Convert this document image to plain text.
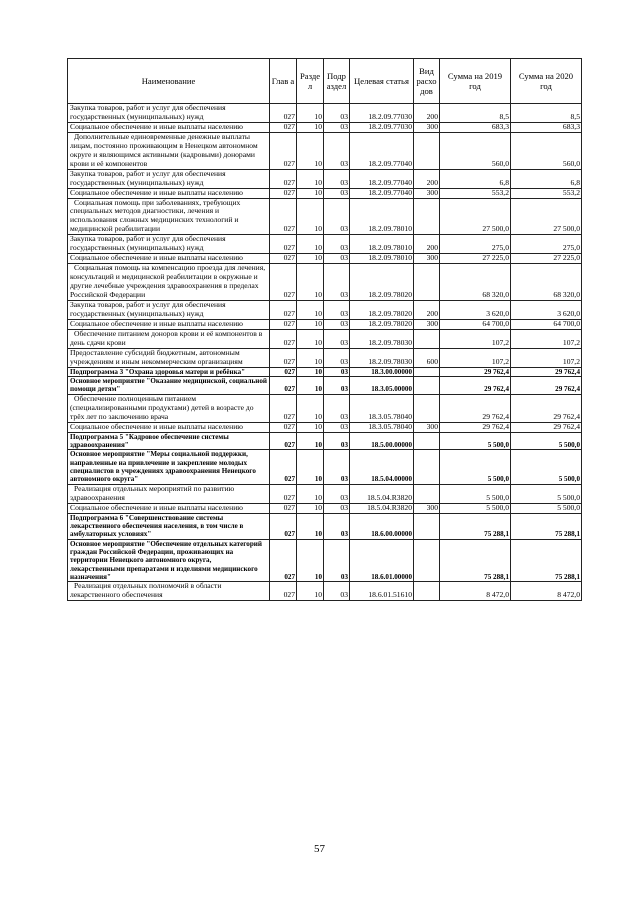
Наименование	Глав а	Разде л	Подр аздел	Целевая статья	Вид расхо дов	Сумма на 2019 год	Сумма на 2020 год
Закупка товаров, работ и услуг для обеспечения государственных (муниципальных) нужд	027	10	03	18.2.09.77030	200	8,5	8,5
Социальное обеспечение и иные выплаты населению	027	10	03	18.2.09.77030	300	683,3	683,3
Дополнительные единовременные денежные выплаты лицам, постоянно проживающим в Ненецком автономном округе и являющимся активными (кадровыми) донорами крови и её компонентов	027	10	03	18.2.09.77040		560,0	560,0
Закупка товаров, работ и услуг для обеспечения государственных (муниципальных) нужд	027	10	03	18.2.09.77040	200	6,8	6,8
Социальное обеспечение и иные выплаты населению	027	10	03	18.2.09.77040	300	553,2	553,2
Социальная помощь при заболеваниях, требующих специальных методов диагностики, лечения и использования сложных медицинских технологий и медицинской реабилитации	027	10	03	18.2.09.78010		27 500,0	27 500,0
Закупка товаров, работ и услуг для обеспечения государственных (муниципальных) нужд	027	10	03	18.2.09.78010	200	275,0	275,0
Социальное обеспечение и иные выплаты населению	027	10	03	18.2.09.78010	300	27 225,0	27 225,0
Социальная помощь на компенсацию проезда для лечения, консультаций и медицинской реабилитации в окружные и другие лечебные учреждения здравоохранения в пределах Российской Федерации	027	10	03	18.2.09.78020		68 320,0	68 320,0
Закупка товаров, работ и услуг для обеспечения государственных (муниципальных) нужд	027	10	03	18.2.09.78020	200	3 620,0	3 620,0
Социальное обеспечение и иные выплаты населению	027	10	03	18.2.09.78020	300	64 700,0	64 700,0
Обеспечение питанием доноров крови и её компонентов в день сдачи крови	027	10	03	18.2.09.78030		107,2	107,2
Предоставление субсидий бюджетным, автономным учреждениям и иным некоммерческим организациям	027	10	03	18.2.09.78030	600	107,2	107,2
Подпрограмма 3 "Охрана здоровья матери и ребёнка"	027	10	03	18.3.00.00000		29 762,4	29 762,4
Основное мероприятие "Оказание медицинской, социальной помощи детям"	027	10	03	18.3.05.00000		29 762,4	29 762,4
Обеспечение полноценным питанием (специализированными продуктами) детей в возрасте до трёх лет по заключению врача	027	10	03	18.3.05.78040		29 762,4	29 762,4
Социальное обеспечение и иные выплаты населению	027	10	03	18.3.05.78040	300	29 762,4	29 762,4
Подпрограмма 5 "Кадровое обеспечение системы здравоохранения"	027	10	03	18.5.00.00000		5 500,0	5 500,0
Основное мероприятие "Меры социальной поддержки, направленные на привлечение и закрепление молодых специалистов в учреждениях здравоохранения Ненецкого автономного округа"	027	10	03	18.5.04.00000		5 500,0	5 500,0
Реализация отдельных мероприятий по развитию здравоохранения	027	10	03	18.5.04.R3820		5 500,0	5 500,0
Социальное обеспечение и иные выплаты населению	027	10	03	18.5.04.R3820	300	5 500,0	5 500,0
Подпрограмма 6 "Совершенствование системы лекарственного обеспечения населения, в том числе в амбулаторных условиях"	027	10	03	18.6.00.00000		75 288,1	75 288,1
Основное мероприятие "Обеспечение отдельных категорий граждан Российской Федерации, проживающих на территории Ненецкого автономного округа, лекарственными препаратами и изделиями медицинского назначения"	027	10	03	18.6.01.00000		75 288,1	75 288,1
Реализация отдельных полномочий в области лекарственного обеспечения	027	10	03	18.6.01.51610		8 472,0	8 472,0
57
